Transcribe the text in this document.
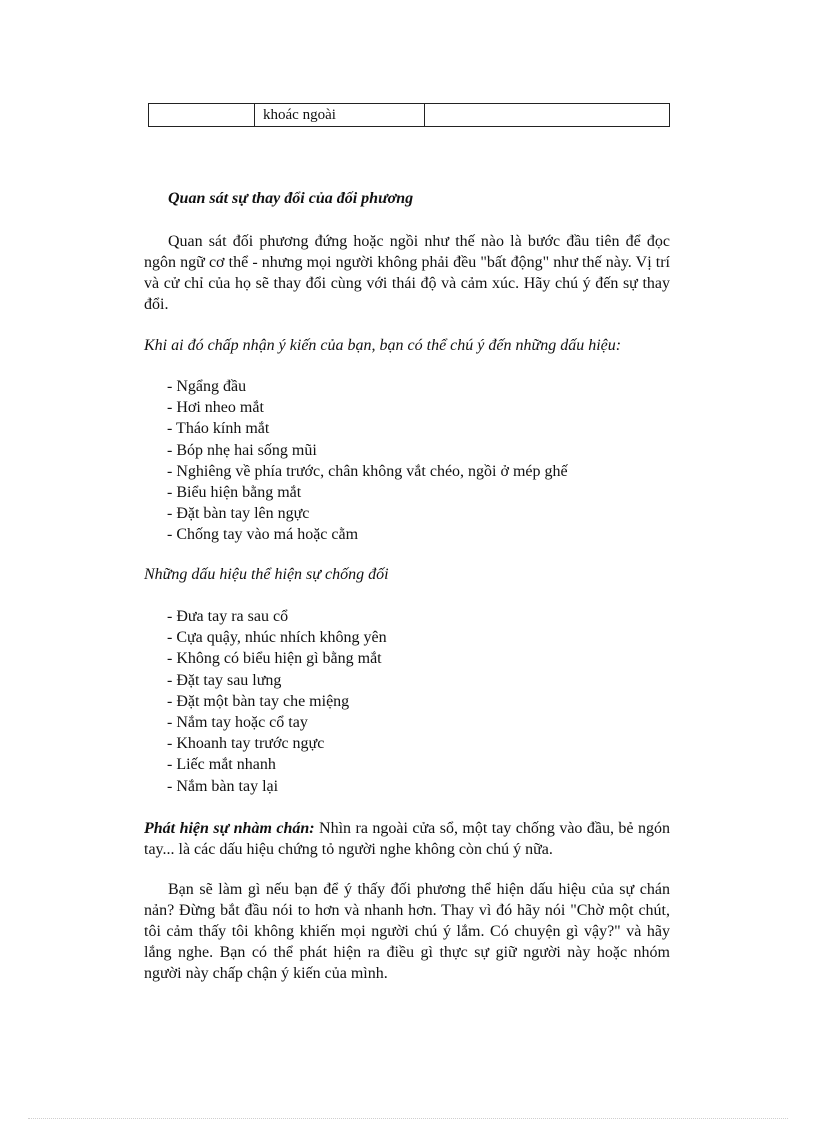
	khoác ngoài	
Quan sát sự thay đổi của đối phương
Quan sát đối phương đứng hoặc ngồi như thế nào là bước đầu tiên để đọc ngôn ngữ cơ thể - nhưng mọi người không phải đều "bất động" như thế này. Vị trí và cử chỉ của họ sẽ thay đổi cùng với thái độ và cảm xúc. Hãy chú ý đến sự thay đổi.
Khi ai đó chấp nhận ý kiến của bạn, bạn có thể chú ý đến những dấu hiệu:
- Ngẩng đầu
- Hơi nheo mắt
- Tháo kính mắt
- Bóp nhẹ hai sống mũi
- Nghiêng về phía trước, chân không vắt chéo, ngồi ở mép ghế
- Biểu hiện bằng mắt
- Đặt bàn tay lên ngực
- Chống tay vào má hoặc cằm
Những dấu hiệu thể hiện sự chống đối
- Đưa tay ra sau cổ
- Cựa quậy, nhúc nhích không yên
- Không có biểu hiện gì bằng mắt
- Đặt tay sau lưng
- Đặt một bàn tay che miệng
- Nắm tay hoặc cổ tay
- Khoanh tay trước ngực
- Liếc mắt nhanh
- Nắm bàn tay lại
Phát hiện sự nhàm chán: Nhìn ra ngoài cửa sổ, một tay chống vào đầu, bẻ ngón tay... là các dấu hiệu chứng tỏ người nghe không còn chú ý nữa.
Bạn sẽ làm gì nếu bạn để ý thấy đối phương thể hiện dấu hiệu của sự chán nản? Đừng bắt đầu nói to hơn và nhanh hơn. Thay vì đó hãy nói "Chờ một chút, tôi cảm thấy tôi không khiến mọi người chú ý lắm. Có chuyện gì vậy?" và hãy lắng nghe. Bạn có thể phát hiện ra điều gì thực sự giữ người này hoặc nhóm người này chấp chận ý kiến của mình.
